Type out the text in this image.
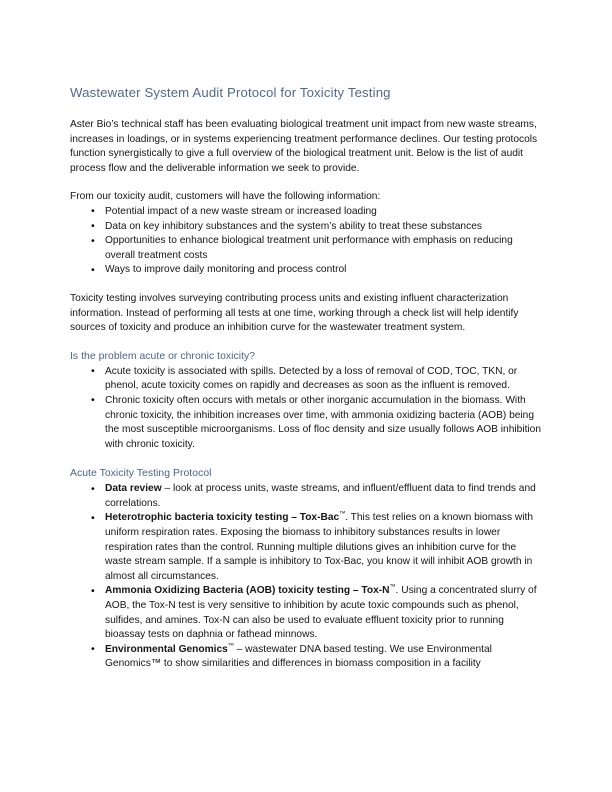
Wastewater System Audit Protocol for Toxicity Testing

Aster Bio’s technical staff has been evaluating biological treatment unit impact from new waste streams, increases in loadings, or in systems experiencing treatment performance declines. Our testing protocols function synergistically to give a full overview of the biological treatment unit. Below is the list of audit process flow and the deliverable information we seek to provide.

From our toxicity audit, customers will have the following information:

• Potential impact of a new waste stream or increased loading
• Data on key inhibitory substances and the system’s ability to treat these substances
• Opportunities to enhance biological treatment unit performance with emphasis on reducing overall treatment costs
• Ways to improve daily monitoring and process control

Toxicity testing involves surveying contributing process units and existing influent characterization information. Instead of performing all tests at one time, working through a check list will help identify sources of toxicity and produce an inhibition curve for the wastewater treatment system.

Is the problem acute or chronic toxicity?
• Acute toxicity is associated with spills. Detected by a loss of removal of COD, TOC, TKN, or phenol, acute toxicity comes on rapidly and decreases as soon as the influent is removed.
• Chronic toxicity often occurs with metals or other inorganic accumulation in the biomass. With chronic toxicity, the inhibition increases over time, with ammonia oxidizing bacteria (AOB) being the most susceptible microorganisms. Loss of floc density and size usually follows AOB inhibition with chronic toxicity.
Acute Toxicity Testing Protocol
• Data review – look at process units, waste streams, and influent/effluent data to find trends and correlations.
• Heterotrophic bacteria toxicity testing – Tox-Bac™. This test relies on a known biomass with uniform respiration rates. Exposing the biomass to inhibitory substances results in lower respiration rates than the control. Running multiple dilutions gives an inhibition curve for the waste stream sample. If a sample is inhibitory to Tox-Bac, you know it will inhibit AOB growth in almost all circumstances.
• Ammonia Oxidizing Bacteria (AOB) toxicity testing – Tox-N™. Using a concentrated slurry of AOB, the Tox-N test is very sensitive to inhibition by acute toxic compounds such as phenol, sulfides, and amines. Tox-N can also be used to evaluate effluent toxicity prior to running bioassay tests on daphnia or fathead minnows.
• Environmental Genomics™ – wastewater DNA based testing. We use Environmental Genomics™ to show similarities and differences in biomass composition in a facility
